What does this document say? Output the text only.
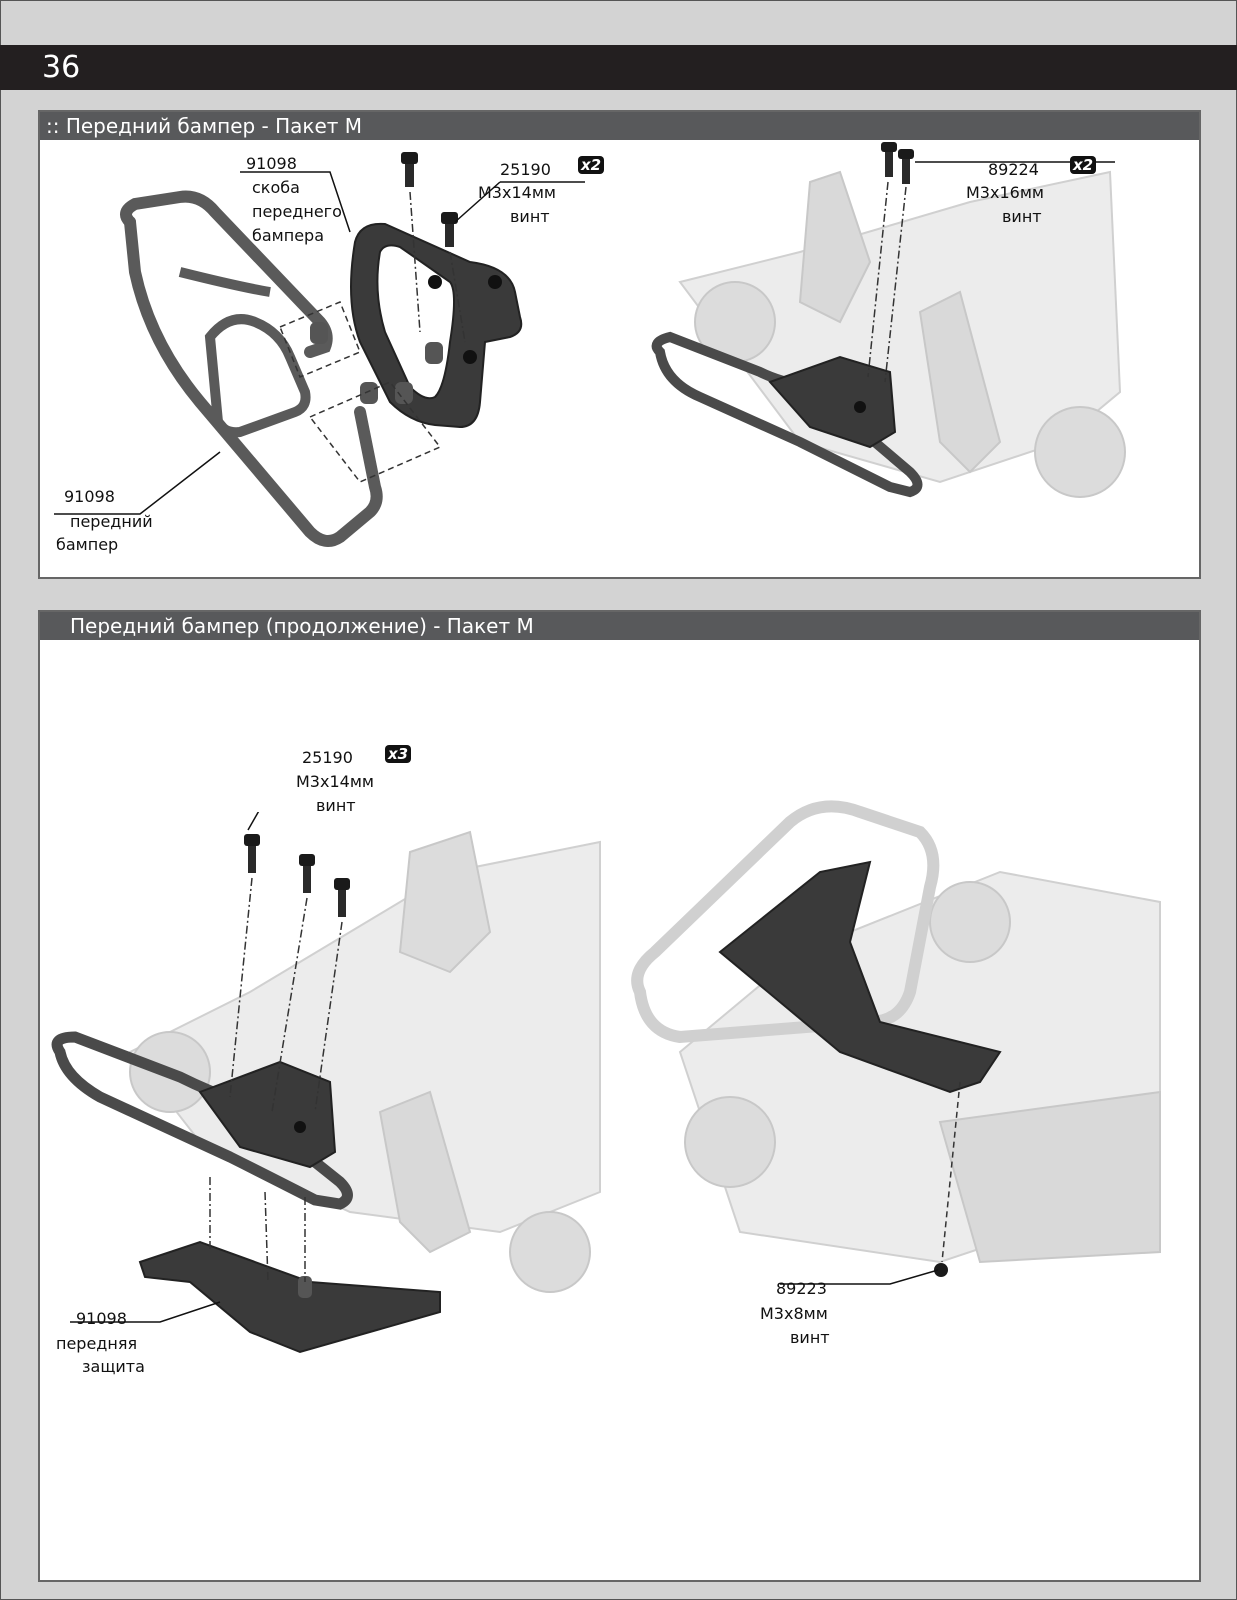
36
:: Передний бампер - Пакет M
91098
скоба
переднего
бампера
25190 x2
M3x14мм
винт
91098
передний
бампер
89224 x2
M3x16мм
винт
Передний бампер (продолжение) - Пакет M
25190 x3
M3x14мм
винт
91098
передняя
защита
89223
M3x8мм
винт
